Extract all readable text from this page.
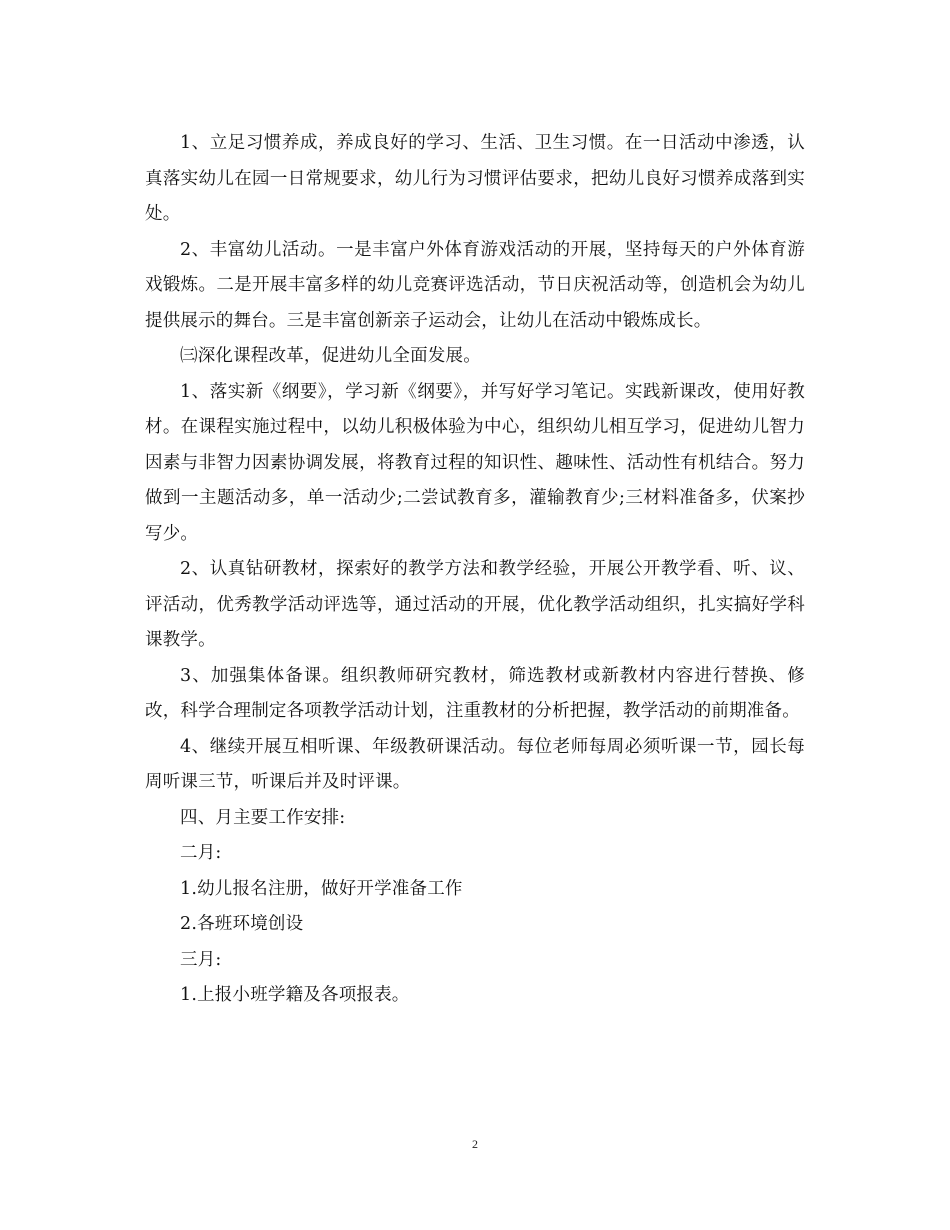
1、立足习惯养成，养成良好的学习、生活、卫生习惯。在一日活动中渗透，认真落实幼儿在园一日常规要求，幼儿行为习惯评估要求，把幼儿良好习惯养成落到实处。

2、丰富幼儿活动。一是丰富户外体育游戏活动的开展，坚持每天的户外体育游戏锻炼。二是开展丰富多样的幼儿竞赛评选活动，节日庆祝活动等，创造机会为幼儿提供展示的舞台。三是丰富创新亲子运动会，让幼儿在活动中锻炼成长。

㈢深化课程改革，促进幼儿全面发展。

1、落实新《纲要》，学习新《纲要》，并写好学习笔记。实践新课改，使用好教材。在课程实施过程中，以幼儿积极体验为中心，组织幼儿相互学习，促进幼儿智力因素与非智力因素协调发展，将教育过程的知识性、趣味性、活动性有机结合。努力做到一主题活动多，单一活动少;二尝试教育多，灌输教育少;三材料准备多，伏案抄写少。

2、认真钻研教材，探索好的教学方法和教学经验，开展公开教学看、听、议、评活动，优秀教学活动评选等，通过活动的开展，优化教学活动组织，扎实搞好学科课教学。

3、加强集体备课。组织教师研究教材，筛选教材或新教材内容进行替换、修改，科学合理制定各项教学活动计划，注重教材的分析把握，教学活动的前期准备。

4、继续开展互相听课、年级教研课活动。每位老师每周必须听课一节，园长每周听课三节，听课后并及时评课。

四、月主要工作安排:

二月:

1.幼儿报名注册，做好开学准备工作

2.各班环境创设

三月:

1.上报小班学籍及各项报表。

2
